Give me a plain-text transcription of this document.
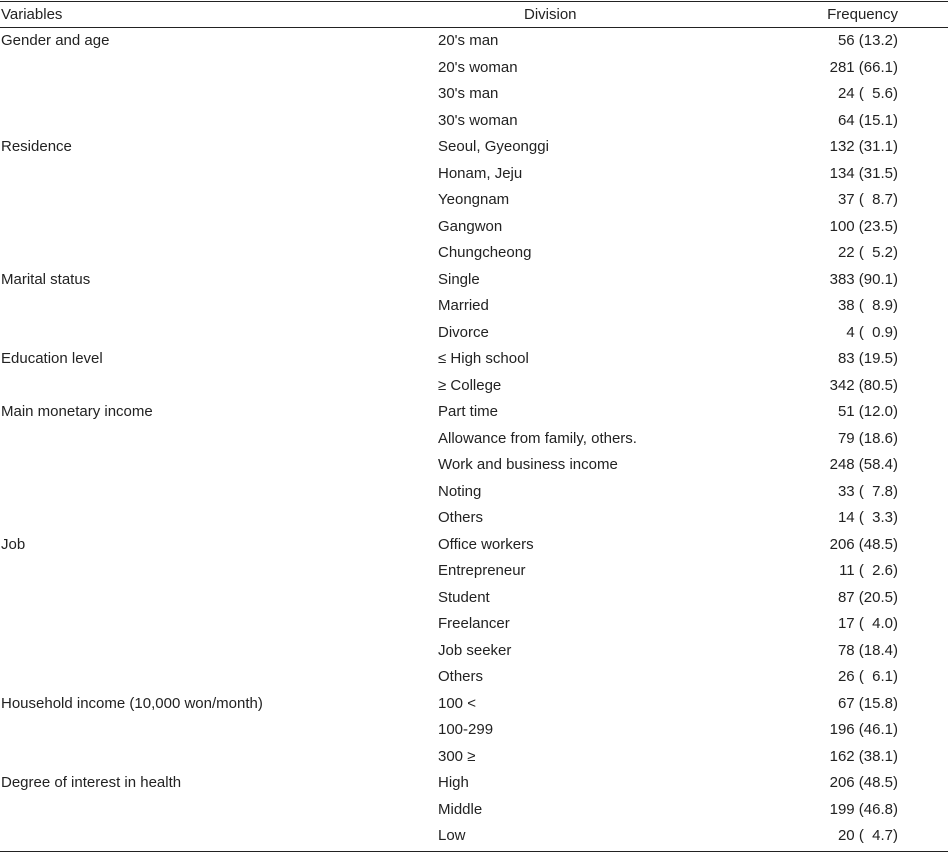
Variables	Division	Frequency
Gender and age	20's man	56 (13.2)
20's woman	281 (66.1)
30's man	24 (  5.6)
30's woman	64 (15.1)
Residence	Seoul, Gyeonggi	132 (31.1)
Honam, Jeju	134 (31.5)
Yeongnam	37 (  8.7)
Gangwon	100 (23.5)
Chungcheong	22 (  5.2)
Marital status	Single	383 (90.1)
Married	38 (  8.9)
Divorce	4 (  0.9)
Education level	≤ High school	83 (19.5)
≥ College	342 (80.5)
Main monetary income	Part time	51 (12.0)
Allowance from family, others.	79 (18.6)
Work and business income	248 (58.4)
Noting	33 (  7.8)
Others	14 (  3.3)
Job	Office workers	206 (48.5)
Entrepreneur	11 (  2.6)
Student	87 (20.5)
Freelancer	17 (  4.0)
Job seeker	78 (18.4)
Others	26 (  6.1)
Household income (10,000 won/month)	100 <	67 (15.8)
100-299	196 (46.1)
300 ≥	162 (38.1)
Degree of interest in health	High	206 (48.5)
Middle	199 (46.8)
Low	20 (  4.7)
